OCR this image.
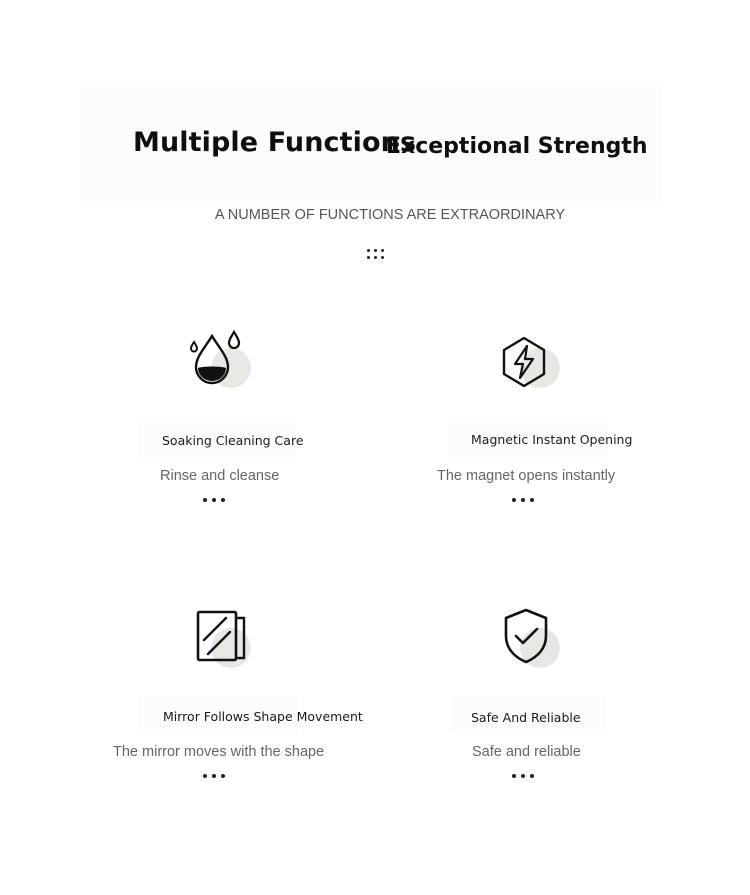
Multiple Functions
Exceptional Strength
A NUMBER OF FUNCTIONS ARE EXTRAORDINARY
Soaking Cleaning Care
Rinse and cleanse
Magnetic Instant Opening
The magnet opens instantly
Mirror Follows Shape Movement
The mirror moves with the shape
Safe And Reliable
Safe and reliable
